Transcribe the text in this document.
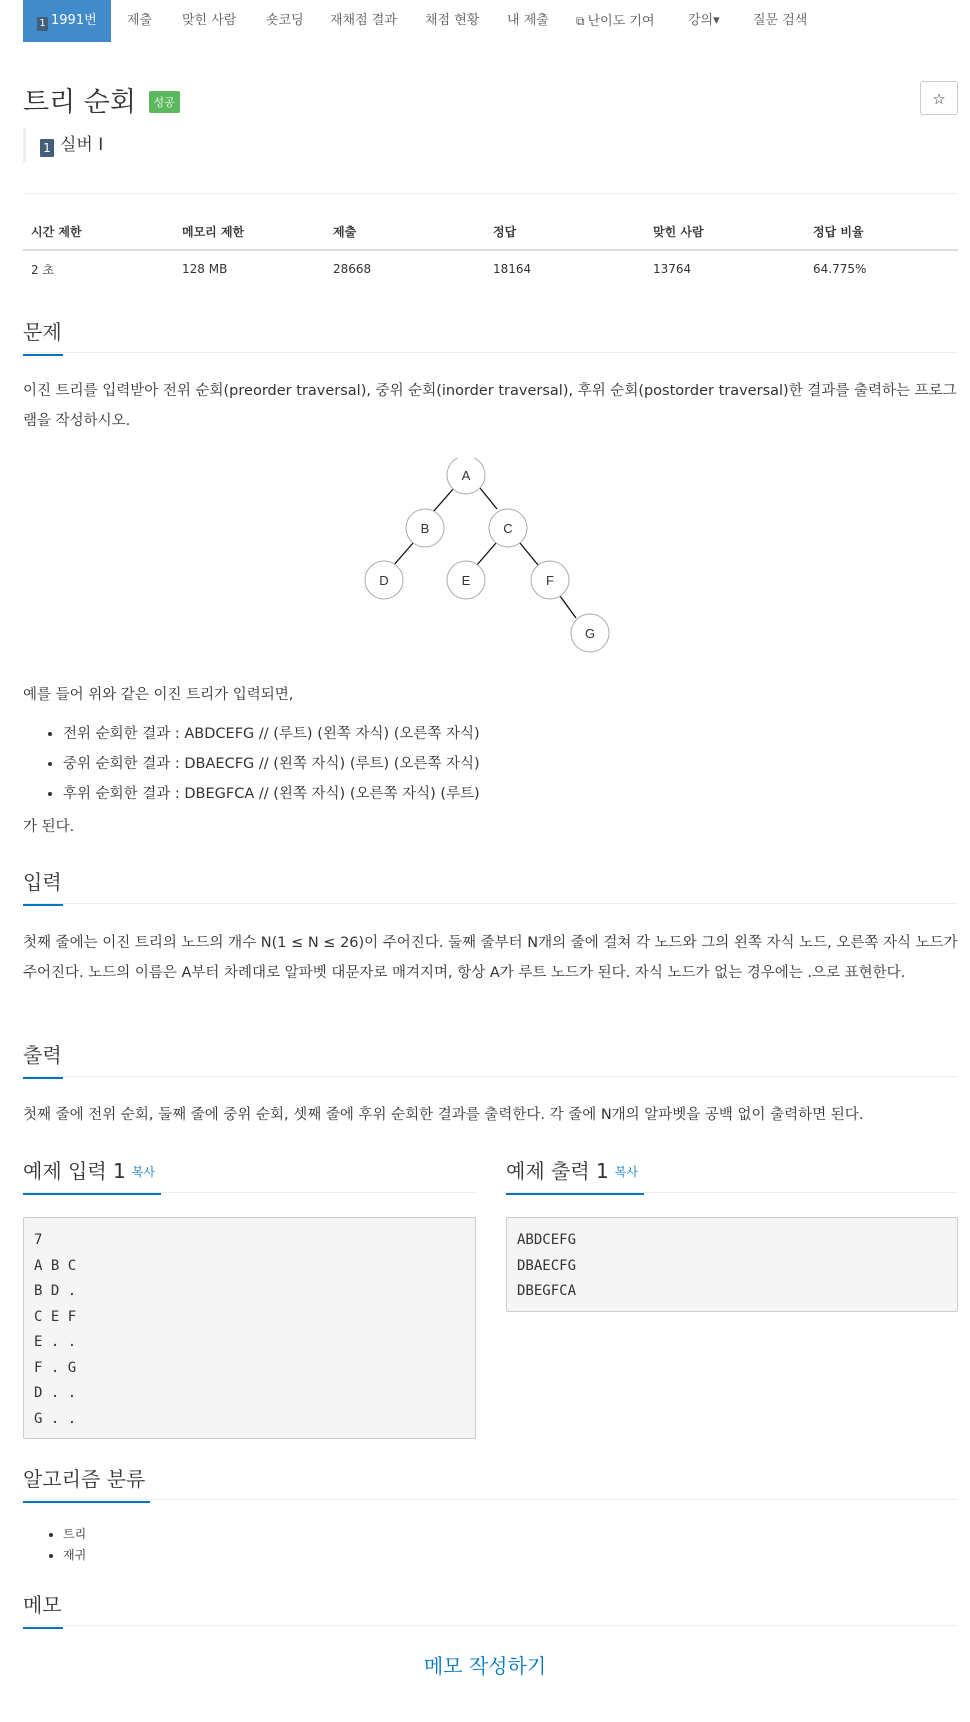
1 1991번	제출 맞힌 사람 숏코딩 재채점 결과 채점 현황 내 제출 ⧉ 난이도 기여	강의▾	질문 검색
트리 순회 성공	☆
1 실버 I
시간 제한	메모리 제한	제출	정답	맞힌 사람	정답 비율
2 초	128 MB	28668	18164	13764	64.775%
문제
이진 트리를 입력받아 전위 순회(preorder traversal), 중위 순회(inorder traversal), 후위 순회(postorder traversal)한 결과를 출력하는 프로그램을 작성하시오.
A
B	C
D	E	F
G
예를 들어 위와 같은 이진 트리가 입력되면,
• 전위 순회한 결과 : ABDCEFG // (루트) (왼쪽 자식) (오른쪽 자식)
• 중위 순회한 결과 : DBAECFG // (왼쪽 자식) (루트) (오른쪽 자식)
• 후위 순회한 결과 : DBEGFCA // (왼쪽 자식) (오른쪽 자식) (루트)
가 된다.
입력
첫째 줄에는 이진 트리의 노드의 개수 N(1 ≤ N ≤ 26)이 주어진다. 둘째 줄부터 N개의 줄에 걸쳐 각 노드와 그의 왼쪽 자식 노드, 오른쪽 자식 노드가 주어진다. 노드의 이름은 A부터 차례대로 알파벳 대문자로 매겨지며, 항상 A가 루트 노드가 된다. 자식 노드가 없는 경우에는 .으로 표현한다.
출력
첫째 줄에 전위 순회, 둘째 줄에 중위 순회, 셋째 줄에 후위 순회한 결과를 출력한다. 각 줄에 N개의 알파벳을 공백 없이 출력하면 된다.
예제 입력 1 복사
7
A B C
B D .
C E F
E . .
F . G
D . .
G . .
예제 출력 1 복사
ABDCEFG
DBAECFG
DBEGFCA
알고리즘 분류
• 트리
• 재귀
메모
메모 작성하기
